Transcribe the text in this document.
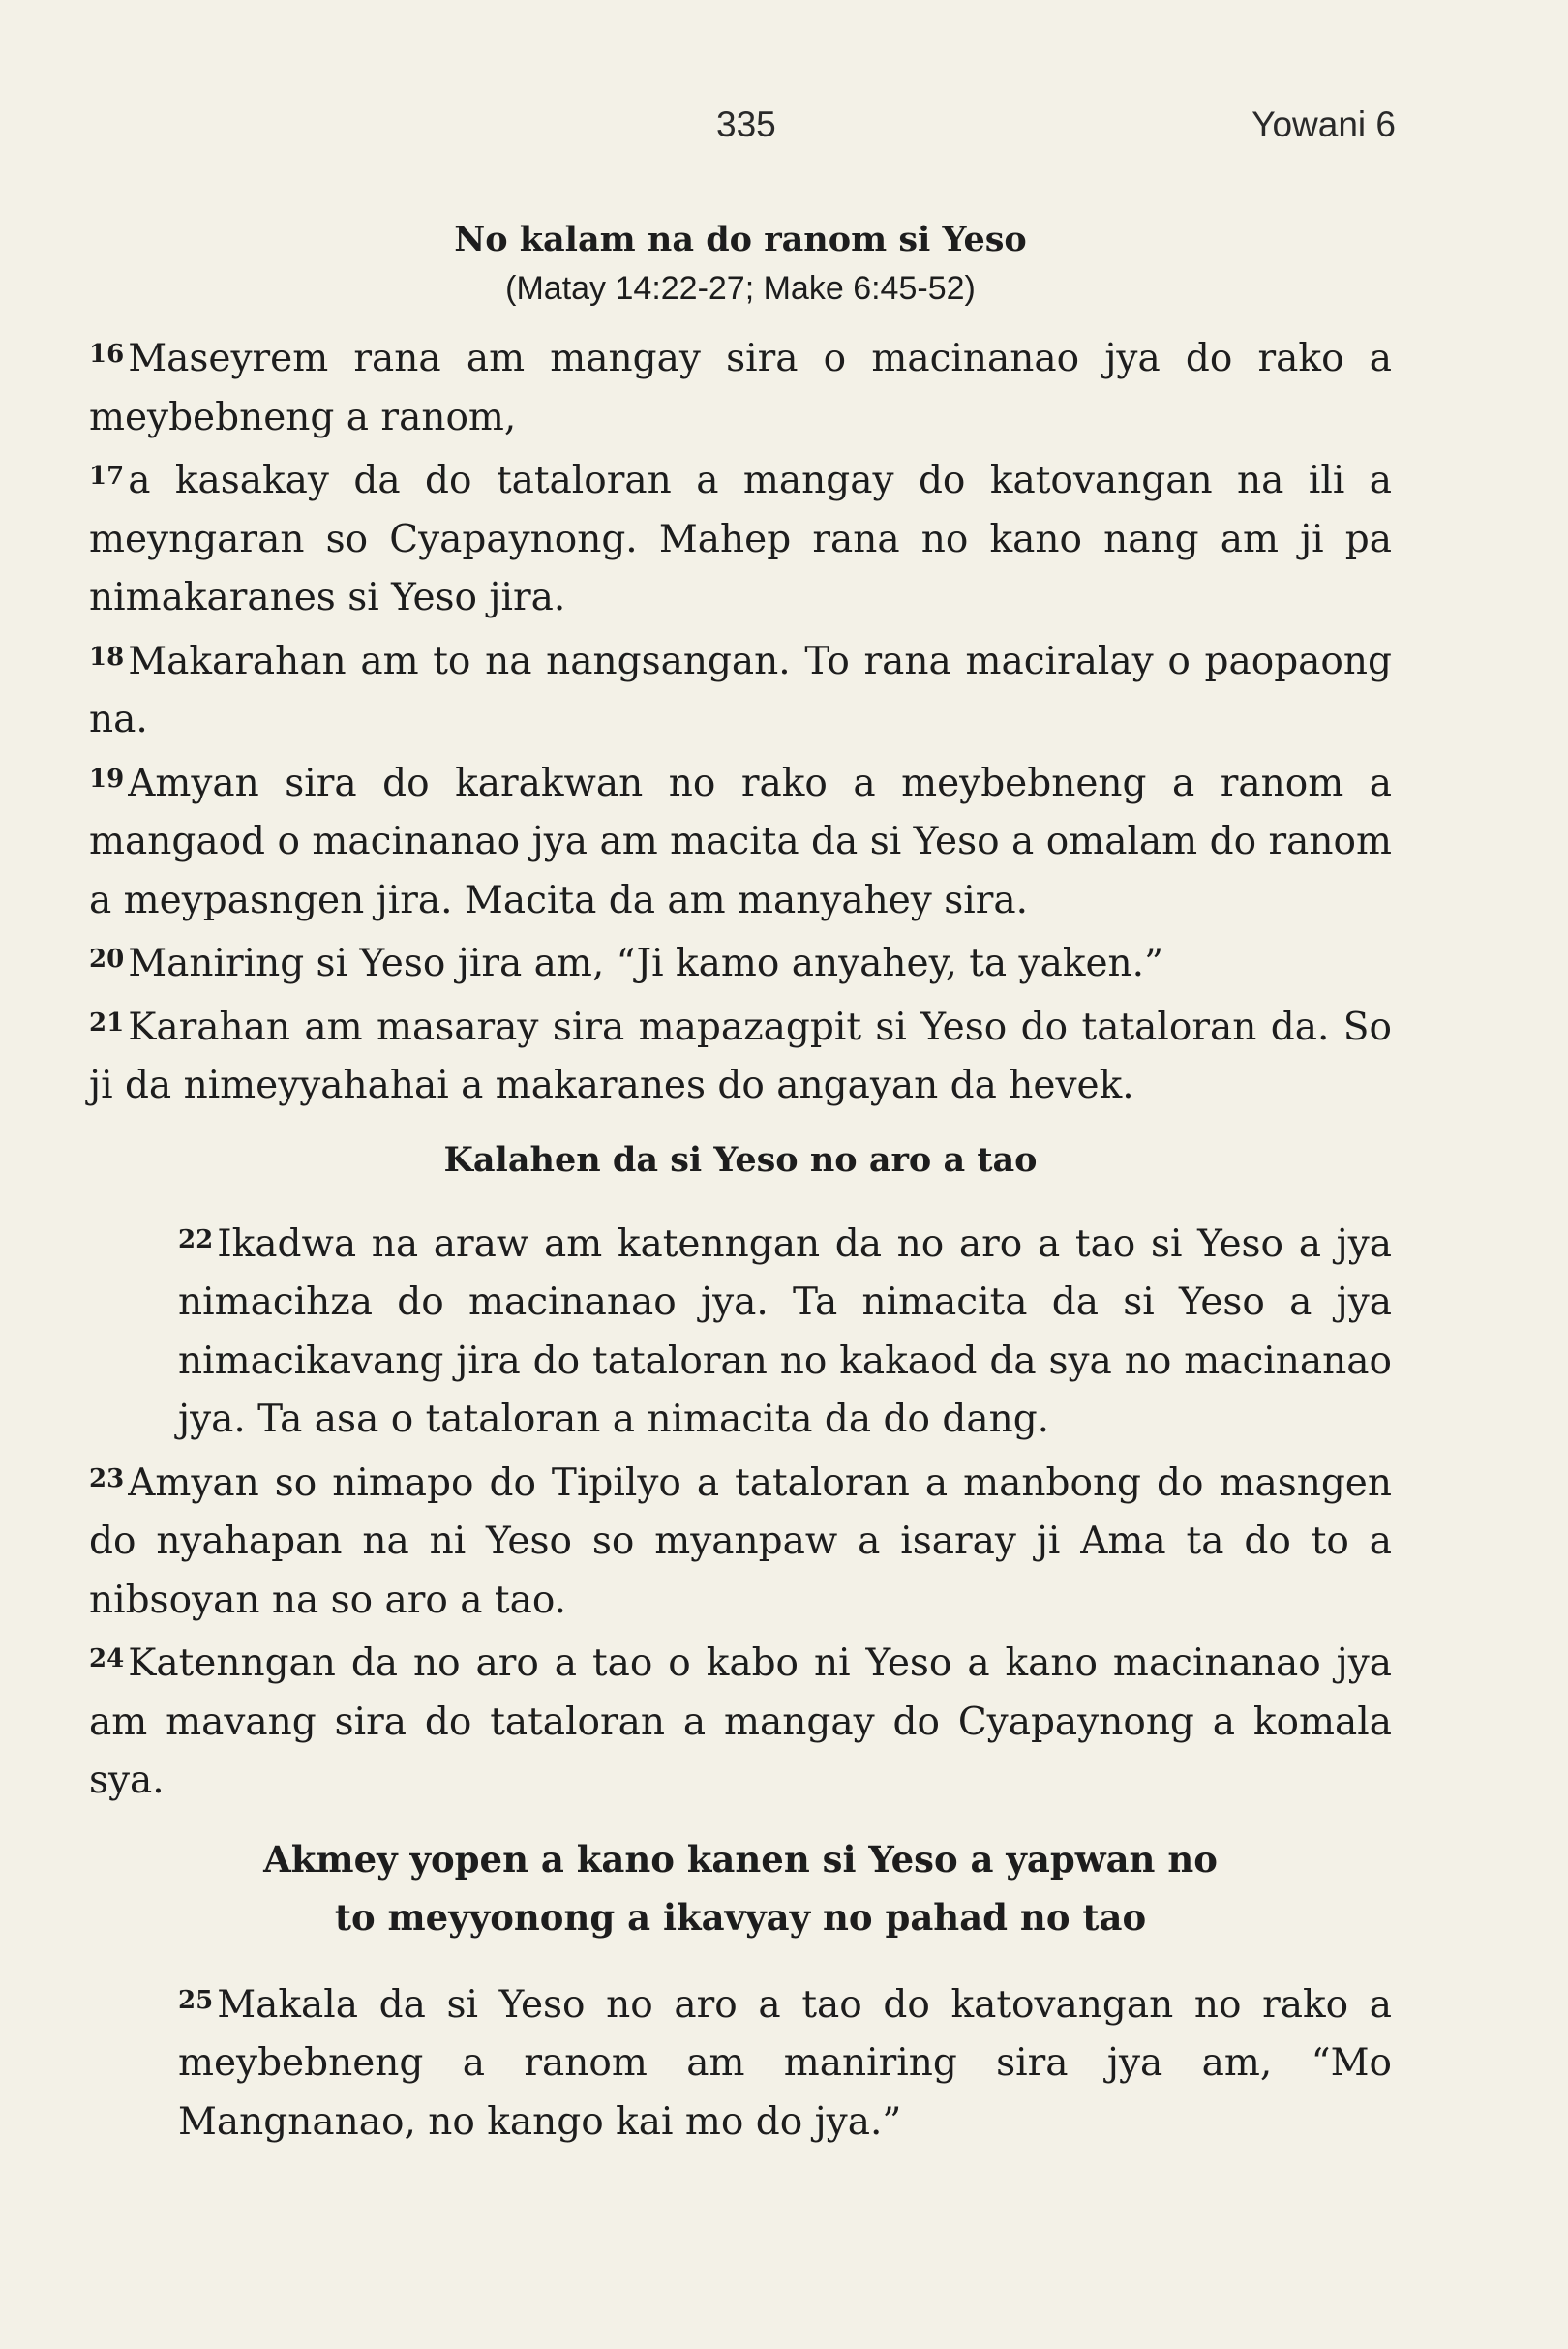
335	Yowani 6

No kalam na do ranom si Yeso

(Matay 14:22-27; Make 6:45-52)

$^{16}$ Maseyrem rana am mangay sira o macinanao jya do rako a meybebneng a ranom,
$^{17}$ a kasakay da do tataloran a mangay do katovangan na ili a meyngaran so Cyapaynong. Mahep rana no kano nang am ji pa nimakaranes si Yeso jira.
$^{18}$ Makarahan am to na nangsangan. To rana maciralay o paopaong na.
$^{19}$ Amyan sira do karakwan no rako a meybebneng a ranom a mangaod o macinanao jya am macita da si Yeso a omalam do ranom a meypasngen jira. Macita da am manyahey sira.
$^{20}$ Maniring si Yeso jira am, “Ji kamo anyahey, ta yaken.”
$^{21}$ Karahan am masaray sira mapazagpit si Yeso do tataloran da. So ji da nimeyyahahai a makaranes do angayan da hevek.

Kalahen da si Yeso no aro a tao

$^{22}$ Ikadwa na araw am katenngan da no aro a tao si Yeso a jya nimacihza do macinanao jya. Ta nimacita da si Yeso a jya nimacikavang jira do tataloran no kakaod da sya no macinanao jya. Ta asa o tataloran a nimacita da do dang.
$^{23}$ Amyan so nimapo do Tipilyo a tataloran a manbong do masngen do nyahapan na ni Yeso so myanpaw a isaray ji Ama ta do to a nibsoyan na so aro a tao.
$^{24}$ Katenngan da no aro a tao o kabo ni Yeso a kano macinanao jya am mavang sira do tataloran a mangay do Cyapaynong a komala sya.

Akmey yopen a kano kanen si Yeso a yapwan no

to meyyonong a ikavyay no pahad no tao

$^{25}$ Makala da si Yeso no aro a tao do katovangan no rako a meybebneng a ranom am maniring sira jya am, “Mo Mangnanao, no kango kai mo do jya.”
